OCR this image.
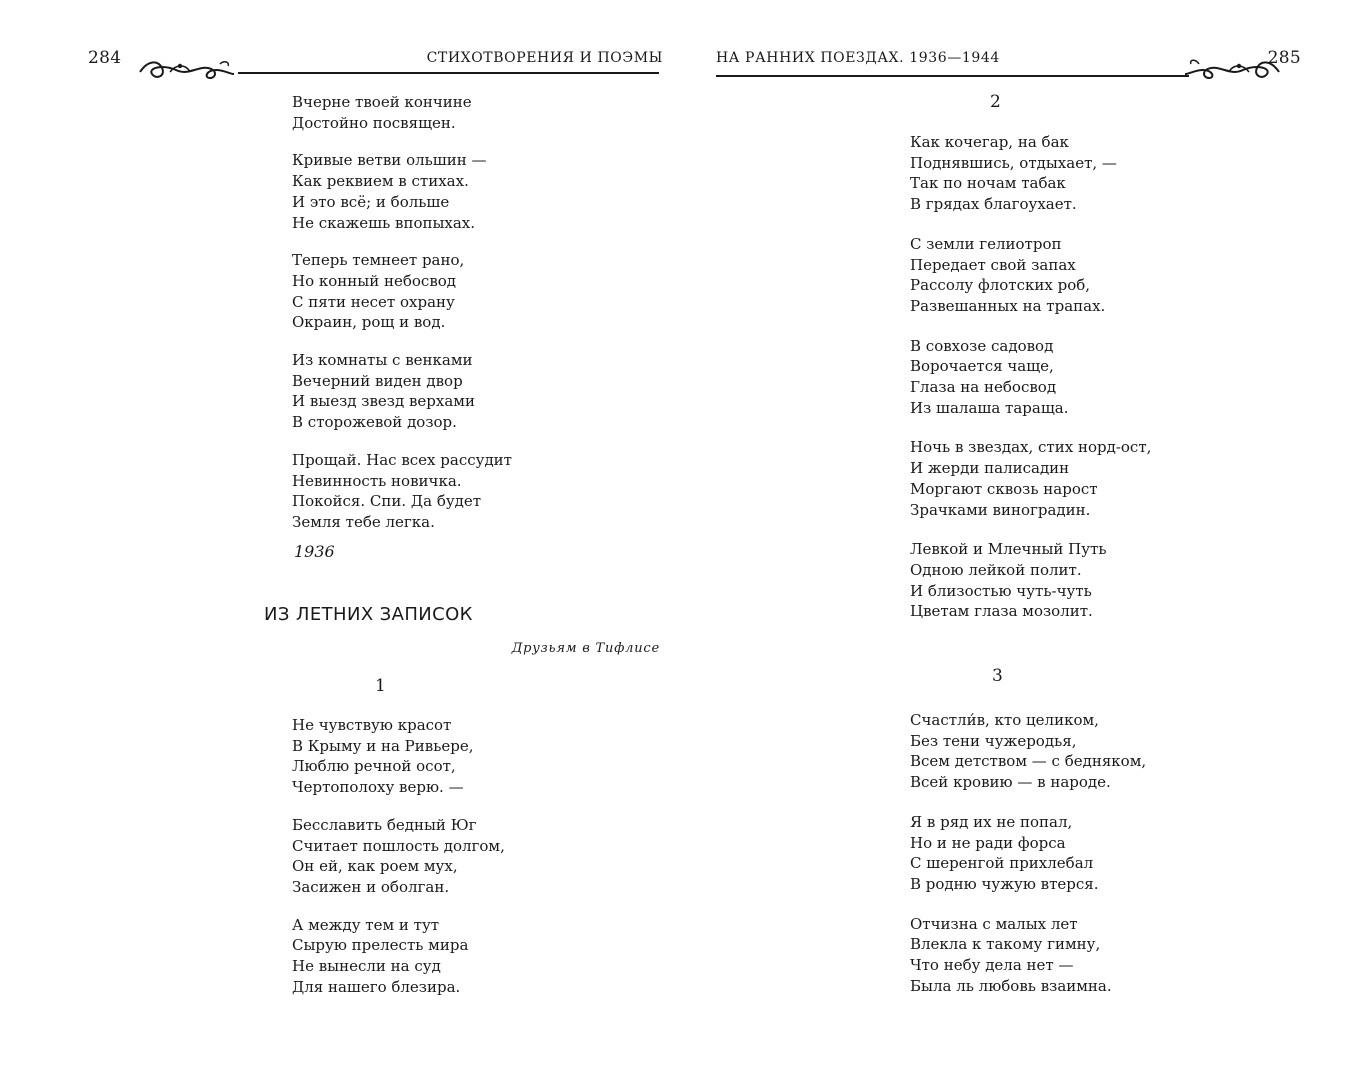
284	СТИХОТВОРЕНИЯ И ПОЭМЫ
Вчерне твоей кончине
Достойно посвящен.
Кривые ветви ольшин —
Как реквием в стихах.
И это всё; и больше
Не скажешь впопыхах.
Теперь темнеет рано,
Но конный небосвод
С пяти несет охрану
Окраин, рощ и вод.
Из комнаты с венками
Вечерний виден двор
И выезд звезд верхами
В сторожевой дозор.
Прощай. Нас всех рассудит
Невинность новичка.
Покойся. Спи. Да будет
Земля тебе легка.
1936
ИЗ ЛЕТНИХ ЗАПИСОК
Друзьям в Тифлисе
1
Не чувствую красот
В Крыму и на Ривьере,
Люблю речной осот,
Чертополоху верю. —
Бесславить бедный Юг
Считает пошлость долгом,
Он ей, как роем мух,
Засижен и оболган.
А между тем и тут
Сырую прелесть мира
Не вынесли на суд
Для нашего блезира.
НА РАННИХ ПОЕЗДАХ. 1936—1944	285
2
Как кочегар, на бак
Поднявшись, отдыхает, —
Так по ночам табак
В грядах благоухает.
С земли гелиотроп
Передает свой запах
Рассолу флотских роб,
Развешанных на трапах.
В совхозе садовод
Ворочается чаще,
Глаза на небосвод
Из шалаша таращa.
Ночь в звездах, стих норд-ост,
И жерди палисадин
Моргают сквозь нарост
Зрачками виноградин.
Левкой и Млечный Путь
Одною лейкой полит.
И близостью чуть-чуть
Цветам глаза мозолит.
3
Счастли́в, кто целиком,
Без тени чужеродья,
Всем детством — с бедняком,
Всей кровию — в народе.
Я в ряд их не попал,
Но и не ради форса
С шеренгой прихлебал
В родню чужую втерся.
Отчизна с малых лет
Влекла к такому гимну,
Что небу дела нет —
Была ль любовь взаимна.
